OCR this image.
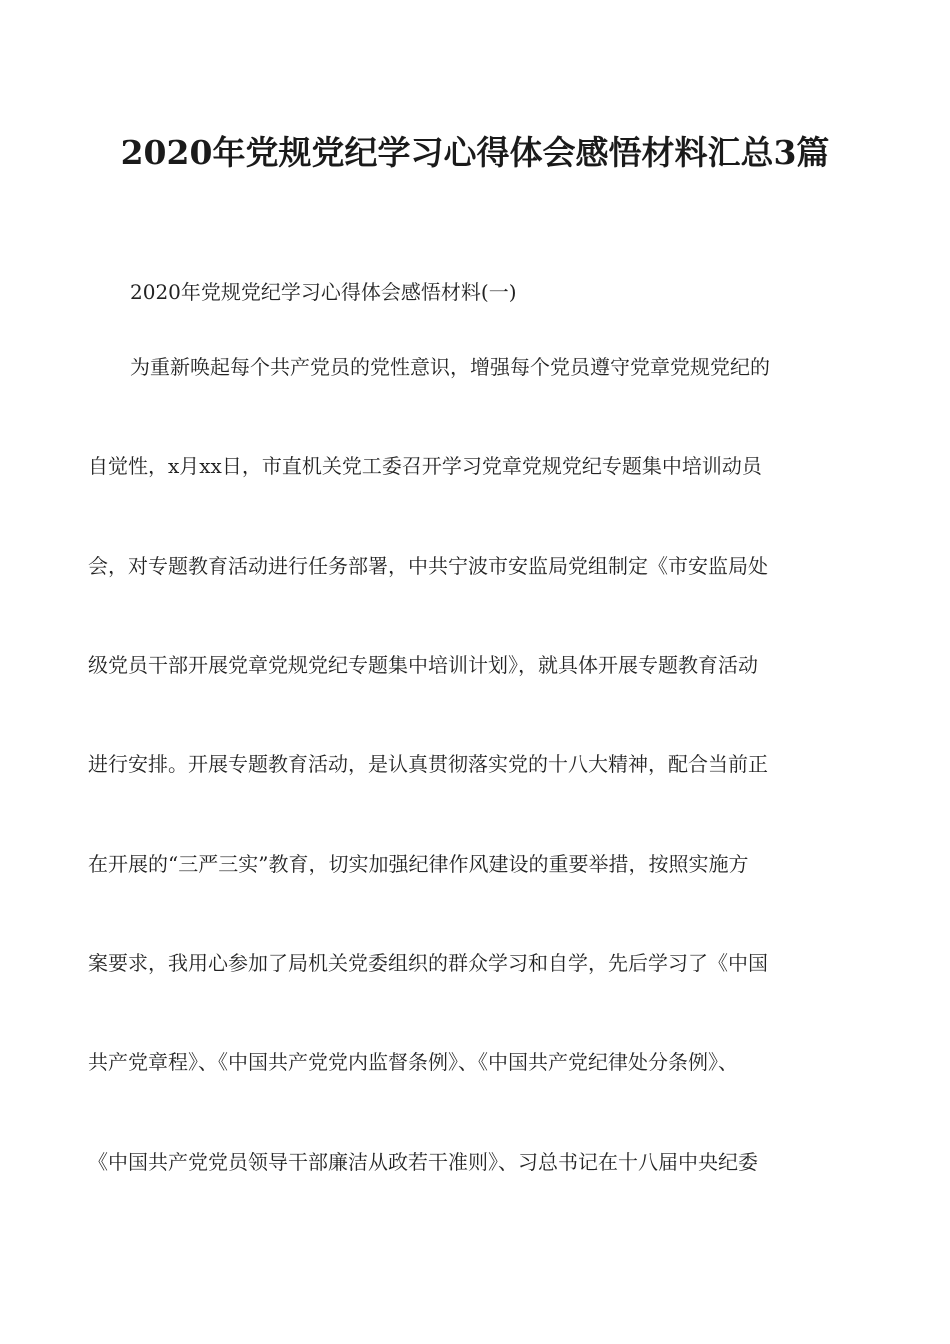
2020年党规党纪学习心得体会感悟材料汇总3篇
2020年党规党纪学习心得体会感悟材料(一)
为重新唤起每个共产党员的党性意识，增强每个党员遵守党章党规党纪的
自觉性，x月xx日，市直机关党工委召开学习党章党规党纪专题集中培训动员
会，对专题教育活动进行任务部署，中共宁波市安监局党组制定《市安监局处
级党员干部开展党章党规党纪专题集中培训计划》，就具体开展专题教育活动
进行安排。开展专题教育活动，是认真贯彻落实党的十八大精神，配合当前正
在开展的“三严三实”教育，切实加强纪律作风建设的重要举措，按照实施方
案要求，我用心参加了局机关党委组织的群众学习和自学，先后学习了《中国
共产党章程》、《中国共产党党内监督条例》、《中国共产党纪律处分条例》、
《中国共产党党员领导干部廉洁从政若干准则》、习总书记在十八届中央纪委
